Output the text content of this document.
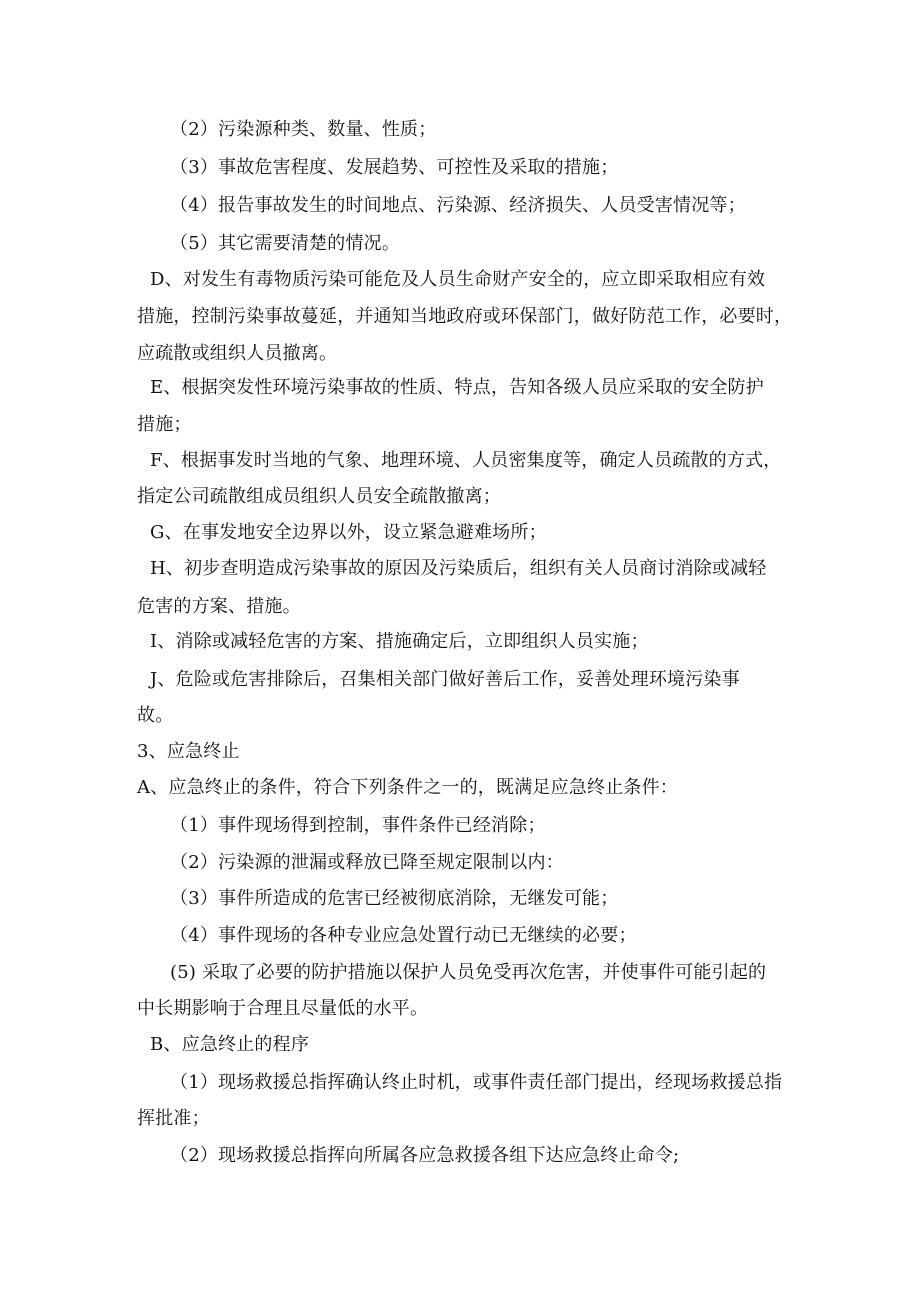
（2）污染源种类、数量、性质；
（3）事故危害程度、发展趋势、可控性及采取的措施；
（4）报告事故发生的时间地点、污染源、经济损失、人员受害情况等；
（5）其它需要清楚的情况。
D、对发生有毒物质污染可能危及人员生命财产安全的，应立即采取相应有效
措施，控制污染事故蔓延，并通知当地政府或环保部门，做好防范工作，必要时，
应疏散或组织人员撤离。
E、根据突发性环境污染事故的性质、特点，告知各级人员应采取的安全防护
措施；
F、根据事发时当地的气象、地理环境、人员密集度等，确定人员疏散的方式，
指定公司疏散组成员组织人员安全疏散撤离；
G、在事发地安全边界以外，设立紧急避难场所；
H、初步查明造成污染事故的原因及污染质后，组织有关人员商讨消除或减轻
危害的方案、措施。
I、消除或减轻危害的方案、措施确定后，立即组织人员实施；
J、危险或危害排除后，召集相关部门做好善后工作，妥善处理环境污染事
故。
3、应急终止
A、应急终止的条件，符合下列条件之一的，既满足应急终止条件：
（1）事件现场得到控制，事件条件已经消除；
（2）污染源的泄漏或释放已降至规定限制以内：
（3）事件所造成的危害已经被彻底消除，无继发可能；
（4）事件现场的各种专业应急处置行动已无继续的必要；
(5) 采取了必要的防护措施以保护人员免受再次危害，并使事件可能引起的
中长期影响于合理且尽量低的水平。
B、应急终止的程序
（1）现场救援总指挥确认终止时机，或事件责任部门提出，经现场救援总指
挥批准；
（2）现场救援总指挥向所属各应急救援各组下达应急终止命令;
